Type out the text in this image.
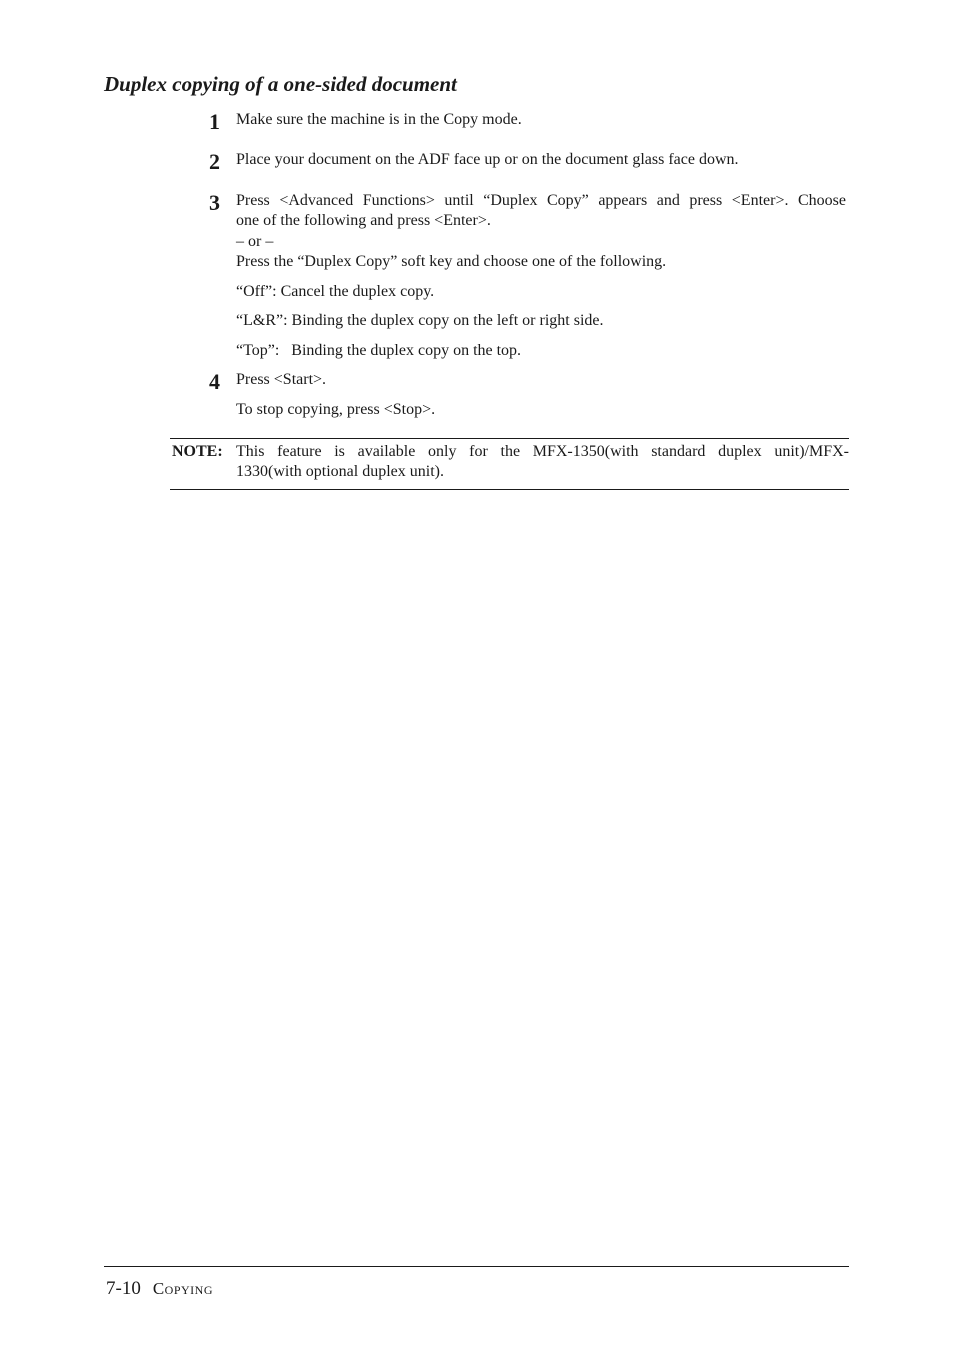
Duplex copying of a one-sided document
1 Make sure the machine is in the Copy mode.
2 Place your document on the ADF face up or on the document glass face down.
3 Press <Advanced Functions> until “Duplex Copy” appears and press <Enter>. Choose
one of the following and press <Enter>.
– or –
Press the “Duplex Copy” soft key and choose one of the following.
“Off”: Cancel the duplex copy.
“L&R”: Binding the duplex copy on the left or right side.
“Top”:   Binding the duplex copy on the top.
4 Press <Start>.
To stop copying, press <Stop>.
NOTE: This feature is available only for the MFX-1350(with standard duplex unit)/MFX-
1330(with optional duplex unit).
7-10 Copying
